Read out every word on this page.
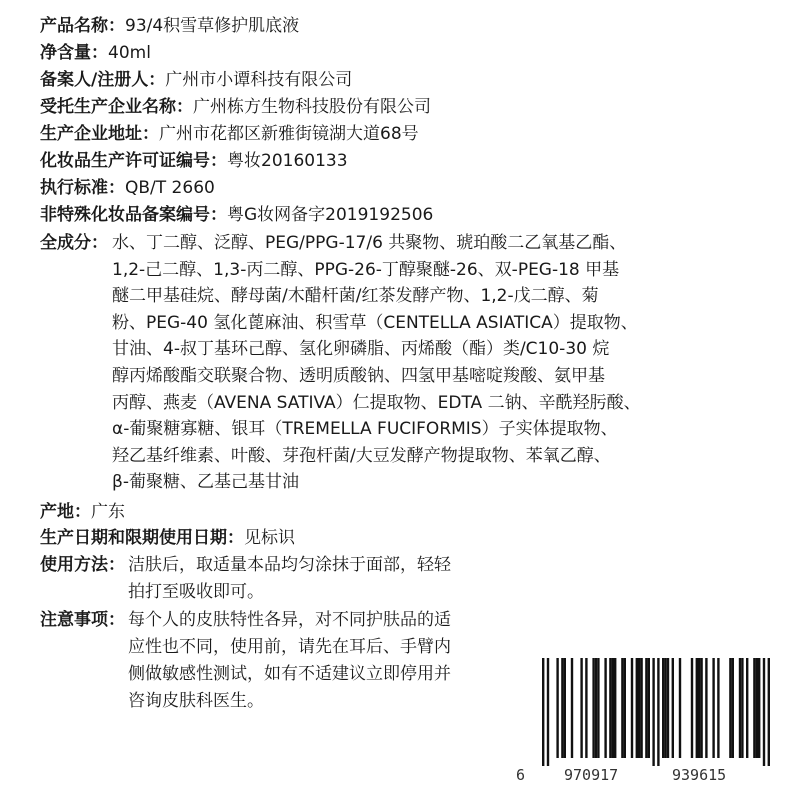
产品名称：93/4积雪草修护肌底液
净含量：40ml
备案人/注册人：广州市小谭科技有限公司
受托生产企业名称：广州栋方生物科技股份有限公司
生产企业地址：广州市花都区新雅街镜湖大道68号
化妆品生产许可证编号：粤妆20160133
执行标准：QB/T 2660
非特殊化妆品备案编号：粤G妆网备字2019192506
全成分： 水、丁二醇、泛醇、PEG/PPG-17/6 共聚物、琥珀酸二乙氧基乙酯、
1,2-己二醇、1,3-丙二醇、PPG-26-丁醇聚醚-26、双-PEG-18 甲基
醚二甲基硅烷、酵母菌/木醋杆菌/红茶发酵产物、1,2-戊二醇、菊
粉、PEG-40 氢化蓖麻油、积雪草（CENTELLA ASIATICA）提取物、
甘油、4-叔丁基环己醇、氢化卵磷脂、丙烯酸（酯）类/C10-30 烷
醇丙烯酸酯交联聚合物、透明质酸钠、四氢甲基嘧啶羧酸、氨甲基
丙醇、燕麦（AVENA SATIVA）仁提取物、EDTA 二钠、辛酰羟肟酸、
α-葡聚糖寡糖、银耳（TREMELLA FUCIFORMIS）子实体提取物、
羟乙基纤维素、叶酸、芽孢杆菌/大豆发酵产物提取物、苯氧乙醇、
β-葡聚糖、乙基己基甘油
产地：广东
生产日期和限期使用日期：见标识
使用方法： 洁肤后，取适量本品均匀涂抹于面部，轻轻
拍打至吸收即可。
注意事项： 每个人的皮肤特性各异，对不同护肤品的适
应性也不同，使用前，请先在耳后、手臂内
侧做敏感性测试，如有不适建议立即停用并
咨询皮肤科医生。
6	970917	939615
